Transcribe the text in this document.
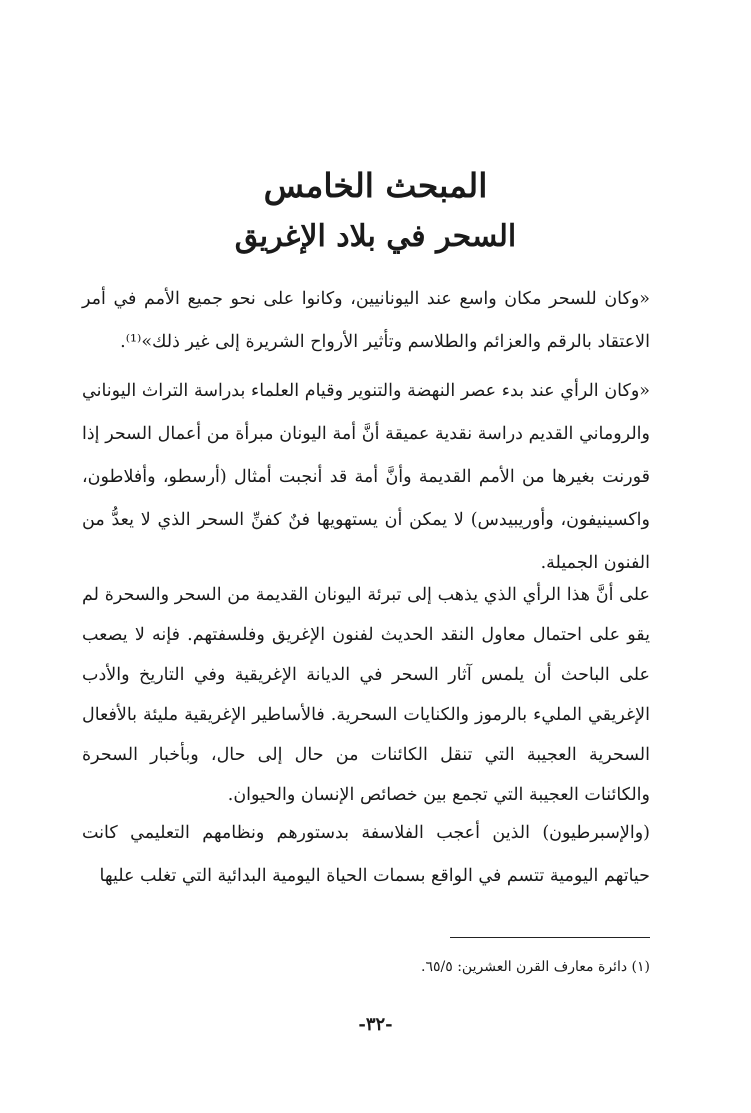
المبحث الخامس
السحر في بلاد الإغريق

«وكان للسحر مكان واسع عند اليونانيين، وكانوا على نحو جميع الأمم في أمر الاعتقاد بالرقم والعزائم والطلاسم وتأثير الأرواح الشريرة إلى غير ذلك»⁽¹⁾.

«وكان الرأي عند بدء عصر النهضة والتنوير وقيام العلماء بدراسة التراث اليوناني والروماني القديم دراسة نقدية عميقة أنَّ أمة اليونان مبرأة من أعمال السحر إذا قورنت بغيرها من الأمم القديمة وأنَّ أمة قد أنجبت أمثال (أرسطو، وأفلاطون، واكسينيفون، وأوريبيدس) لا يمكن أن يستهويها فنٌ كفنِّ السحر الذي لا يعدُّ من الفنون الجميلة.

على أنَّ هذا الرأي الذي يذهب إلى تبرئة اليونان القديمة من السحر والسحرة لم يقو على احتمال معاول النقد الحديث لفنون الإغريق وفلسفتهم. فإنه لا يصعب على الباحث أن يلمس آثار السحر في الديانة الإغريقية وفي التاريخ والأدب الإغريقي المليء بالرموز والكنايات السحرية. فالأساطير الإغريقية مليئة بالأفعال السحرية العجيبة التي تنقل الكائنات من حال إلى حال، وبأخبار السحرة والكائنات العجيبة التي تجمع بين خصائص الإنسان والحيوان.

(والإسبرطيون) الذين أعجب الفلاسفة بدستورهم ونظامهم التعليمي كانت حياتهم اليومية تتسم في الواقع بسمات الحياة اليومية البدائية التي تغلب عليها

(١) دائرة معارف القرن العشرين: ٦٥/٥.

-٣٢-
